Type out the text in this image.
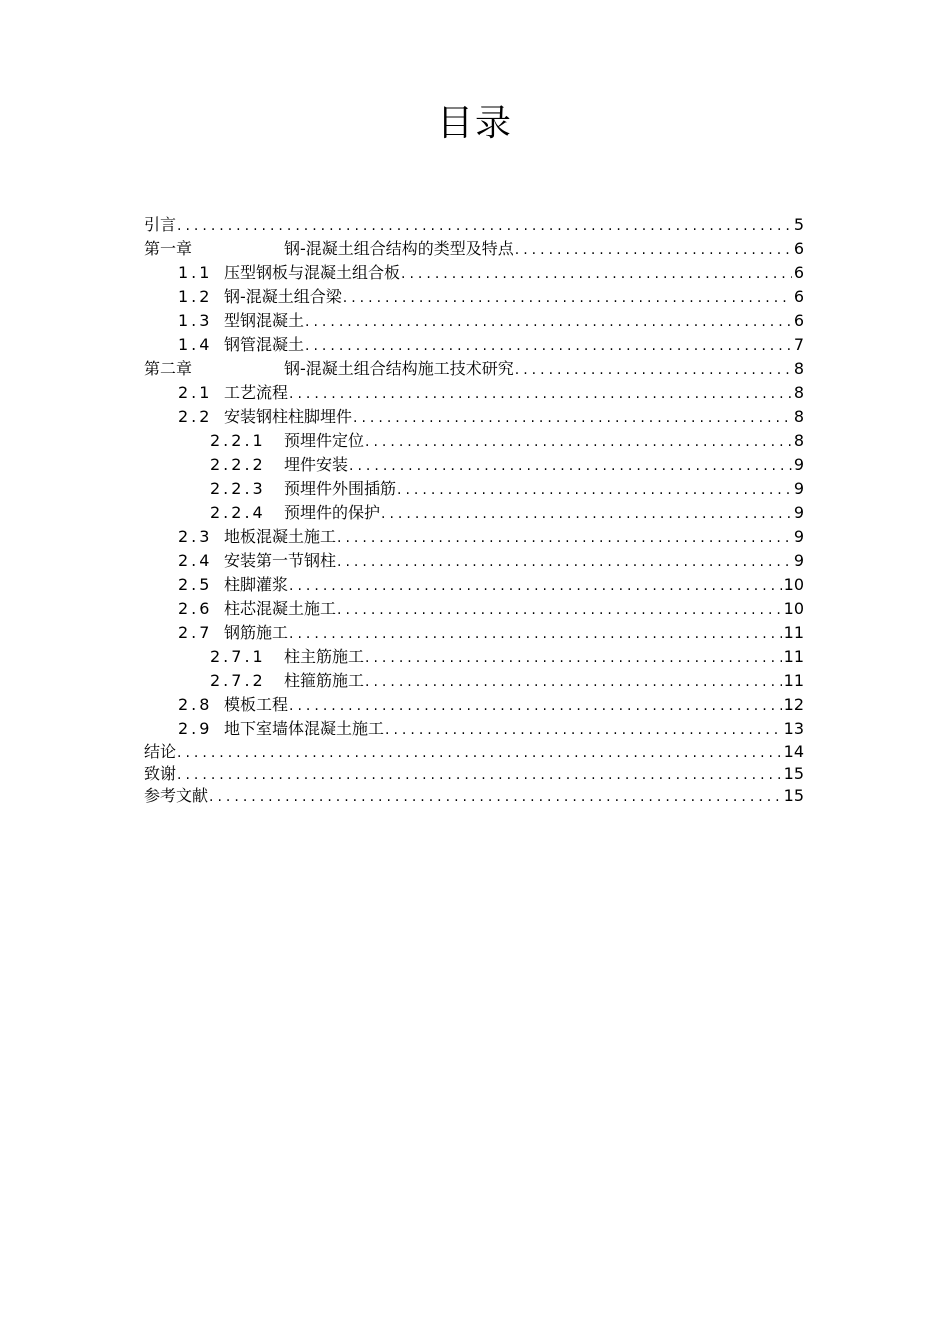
目录
引言 .....	5
第一章	钢-混凝土组合结构的类型及特点 .....	6
1.1 压型钢板与混凝土组合板 .....	6
1.2 钢-混凝土组合梁 .....	6
1.3 型钢混凝土 .....	6
1.4 钢管混凝土 .....	7
第二章	钢-混凝土组合结构施工技术研究 .....	8
2.1 工艺流程 .....	8
2.2 安装钢柱柱脚埋件 .....	8
2.2.1	预埋件定位 .....	8
2.2.2	埋件安装 .....	9
2.2.3	预埋件外围插筋 .....	9
2.2.4	预埋件的保护 .....	9
2.3 地板混凝土施工 .....	9
2.4 安装第一节钢柱 .....	9
2.5 柱脚灌浆 .....	10
2.6 柱芯混凝土施工 .....	10
2.7 钢筋施工 .....	11
2.7.1	柱主筋施工 .....	11
2.7.2	柱箍筋施工 .....	11
2.8 模板工程 .....	12
2.9 地下室墙体混凝土施工 .....	13
结论 .....	14
致谢 .....	15
参考文献 .....	15
